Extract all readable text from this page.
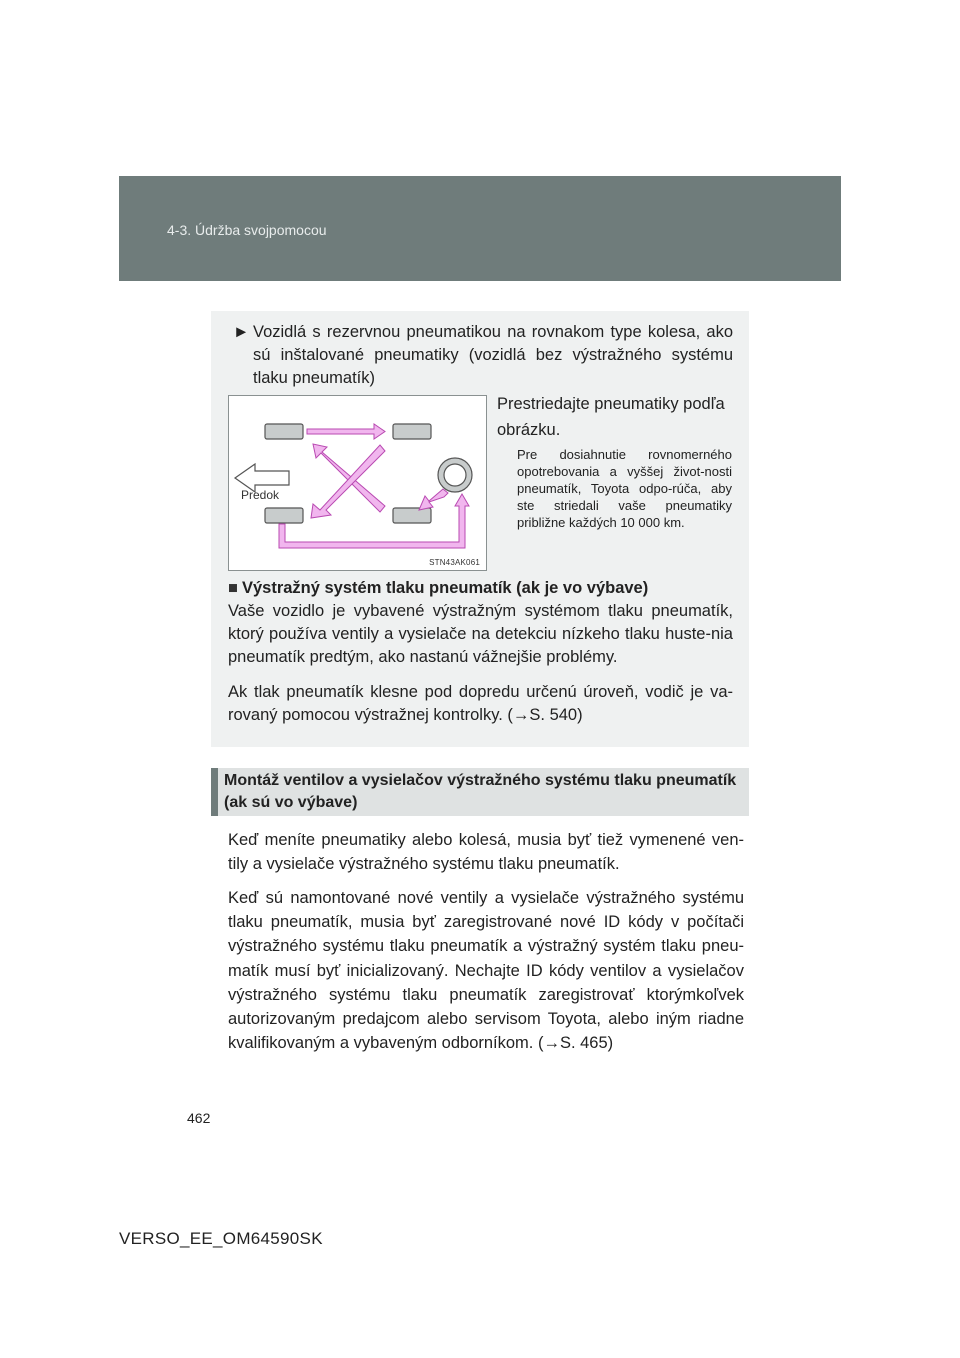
4-3. Údržba svojpomocou
► Vozidlá s rezervnou pneumatikou na rovnakom type kolesa, ako sú inštalované pneumatiky (vozidlá bez výstražného systému tlaku pneumatík)
Predok
STN43AK061
Prestriedajte pneumatiky podľa obrázku.
Pre dosiahnutie rovnomerného opotrebovania a vyššej život-nosti pneumatík, Toyota odpo-rúča, aby ste striedali vaše pneumatiky približne každých 10 000 km.
■ Výstražný systém tlaku pneumatík (ak je vo výbave)
Vaše vozidlo je vybavené výstražným systémom tlaku pneumatík, ktorý používa ventily a vysielače na detekciu nízkeho tlaku huste-nia pneumatík predtým, ako nastanú vážnejšie problémy.
Ak tlak pneumatík klesne pod dopredu určenú úroveň, vodič je va-rovaný pomocou výstražnej kontrolky. (→S. 540)
Montáž ventilov a vysielačov výstražného systému tlaku pneumatík (ak sú vo výbave)
Keď meníte pneumatiky alebo kolesá, musia byť tiež vymenené ven-tily a vysielače výstražného systému tlaku pneumatík.
Keď sú namontované nové ventily a vysielače výstražného systému tlaku pneumatík, musia byť zaregistrované nové ID kódy v počítači výstražného systému tlaku pneumatík a výstražný systém tlaku pneu-matík musí byť inicializovaný. Nechajte ID kódy ventilov a vysielačov výstražného systému tlaku pneumatík zaregistrovať ktorýmkoľvek autorizovaným predajcom alebo servisom Toyota, alebo iným riadne kvalifikovaným a vybaveným odborníkom. (→S. 465)
462
VERSO_EE_OM64590SK
